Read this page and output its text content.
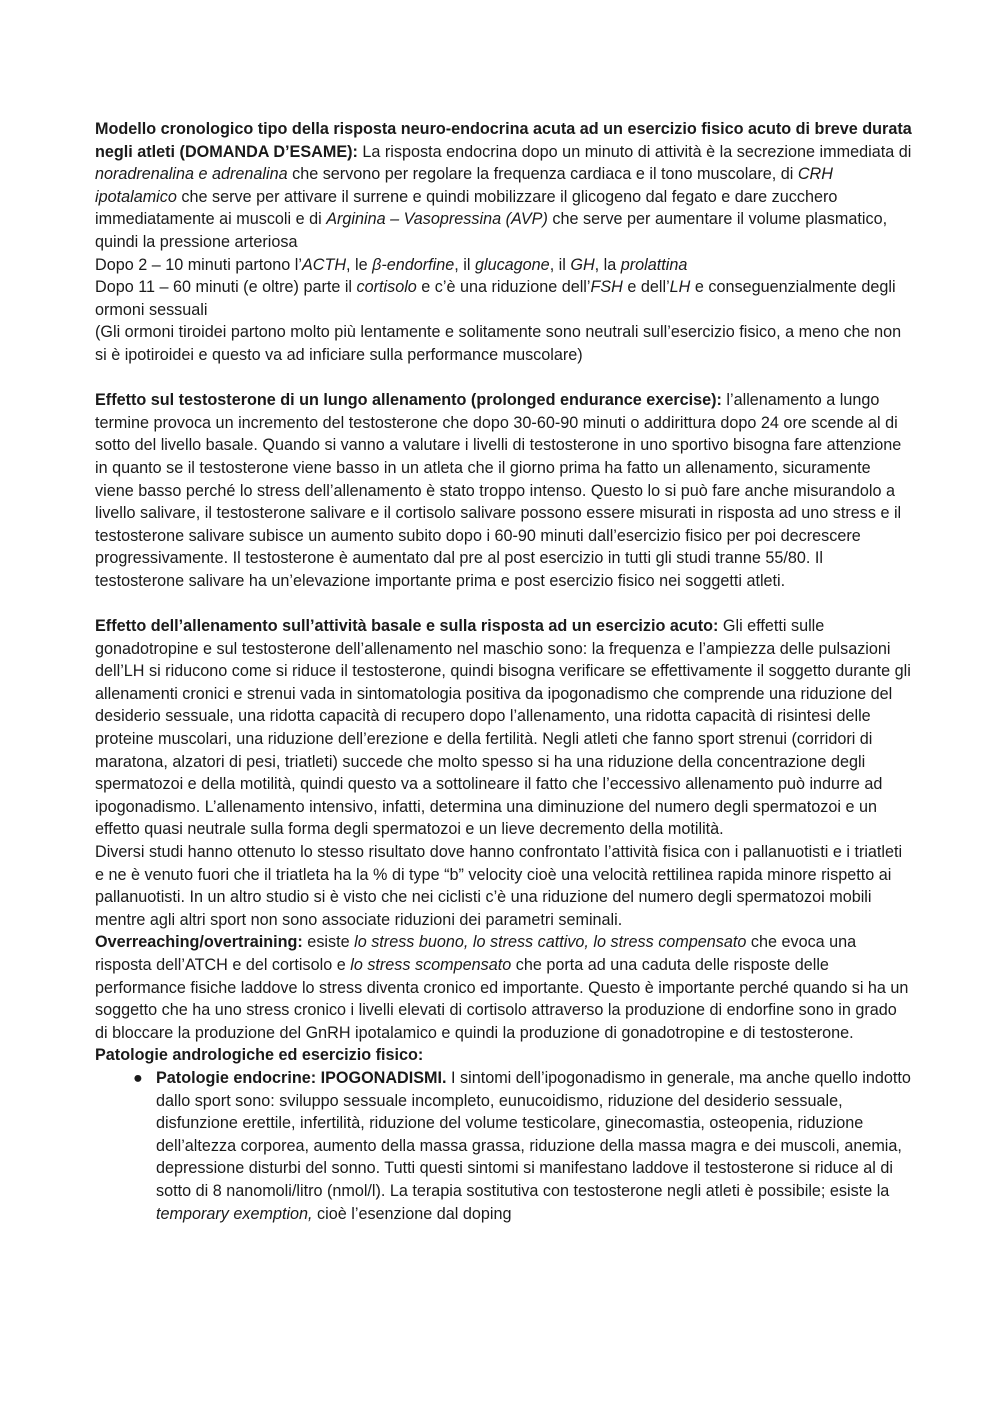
Modello cronologico tipo della risposta neuro-endocrina acuta ad un esercizio fisico acuto di breve durata negli atleti (DOMANDA D’ESAME): La risposta endocrina dopo un minuto di attività è la secrezione immediata di noradrenalina e adrenalina che servono per regolare la frequenza cardiaca e il tono muscolare, di CRH ipotalamico che serve per attivare il surrene e quindi mobilizzare il glicogeno dal fegato e dare zucchero immediatamente ai muscoli e di Arginina – Vasopressina (AVP) che serve per aumentare il volume plasmatico, quindi la pressione arteriosa

Dopo 2 – 10 minuti partono l’ACTH, le β-endorfine, il glucagone, il GH, la prolattina

Dopo 11 – 60 minuti (e oltre) parte il cortisolo e c’è una riduzione dell’FSH e dell’LH e conseguenzialmente degli ormoni sessuali

(Gli ormoni tiroidei partono molto più lentamente e solitamente sono neutrali sull’esercizio fisico, a meno che non si è ipotiroidei e questo va ad inficiare sulla performance muscolare)

Effetto sul testosterone di un lungo allenamento (prolonged endurance exercise): l’allenamento a lungo termine provoca un incremento del testosterone che dopo 30-60-90 minuti o addirittura dopo 24 ore scende al di sotto del livello basale. Quando si vanno a valutare i livelli di testosterone in uno sportivo bisogna fare attenzione in quanto se il testosterone viene basso in un atleta che il giorno prima ha fatto un allenamento, sicuramente viene basso perché lo stress dell’allenamento è stato troppo intenso. Questo lo si può fare anche misurandolo a livello salivare, il testosterone salivare e il cortisolo salivare possono essere misurati in risposta ad uno stress e il testosterone salivare subisce un aumento subito dopo i 60-90 minuti dall’esercizio fisico per poi decrescere progressivamente. Il testosterone è aumentato dal pre al post esercizio in tutti gli studi tranne 55/80. Il testosterone salivare ha un’elevazione importante prima e post esercizio fisico nei soggetti atleti.

Effetto dell’allenamento sull’attività basale e sulla risposta ad un esercizio acuto: Gli effetti sulle gonadotropine e sul testosterone dell’allenamento nel maschio sono: la frequenza e l’ampiezza delle pulsazioni dell’LH si riducono come si riduce il testosterone, quindi bisogna verificare se effettivamente il soggetto durante gli allenamenti cronici e strenui vada in sintomatologia positiva da ipogonadismo che comprende una riduzione del desiderio sessuale, una ridotta capacità di recupero dopo l’allenamento, una ridotta capacità di risintesi delle proteine muscolari, una riduzione dell’erezione e della fertilità. Negli atleti che fanno sport strenui (corridori di maratona, alzatori di pesi, triatleti) succede che molto spesso si ha una riduzione della concentrazione degli spermatozoi e della motilità, quindi questo va a sottolineare il fatto che l’eccessivo allenamento può indurre ad ipogonadismo. L’allenamento intensivo, infatti, determina una diminuzione del numero degli spermatozoi e un effetto quasi neutrale sulla forma degli spermatozoi e un lieve decremento della motilità.

Diversi studi hanno ottenuto lo stesso risultato dove hanno confrontato l’attività fisica con i pallanuotisti e i triatleti e ne è venuto fuori che il triatleta ha la % di type “b” velocity cioè una velocità rettilinea rapida minore rispetto ai pallanuotisti. In un altro studio si è visto che nei ciclisti c’è una riduzione del numero degli spermatozoi mobili mentre agli altri sport non sono associate riduzioni dei parametri seminali.

Overreaching/overtraining: esiste lo stress buono, lo stress cattivo, lo stress compensato che evoca una risposta dell’ATCH e del cortisolo e lo stress scompensato che porta ad una caduta delle risposte delle performance fisiche laddove lo stress diventa cronico ed importante. Questo è importante perché quando si ha un soggetto che ha uno stress cronico i livelli elevati di cortisolo attraverso la produzione di endorfine sono in grado di bloccare la produzione del GnRH ipotalamico e quindi la produzione di gonadotropine e di testosterone.

Patologie andrologiche ed esercizio fisico:

● Patologie endocrine: IPOGONADISMI. I sintomi dell’ipogonadismo in generale, ma anche quello indotto dallo sport sono: sviluppo sessuale incompleto, eunucoidismo, riduzione del desiderio sessuale, disfunzione erettile, infertilità, riduzione del volume testicolare, ginecomastia, osteopenia, riduzione dell’altezza corporea, aumento della massa grassa, riduzione della massa magra e dei muscoli, anemia, depressione disturbi del sonno. Tutti questi sintomi si manifestano laddove il testosterone si riduce al di sotto di 8 nanomoli/litro (nmol/l). La terapia sostitutiva con testosterone negli atleti è possibile; esiste la temporary exemption, cioè l’esenzione dal doping
